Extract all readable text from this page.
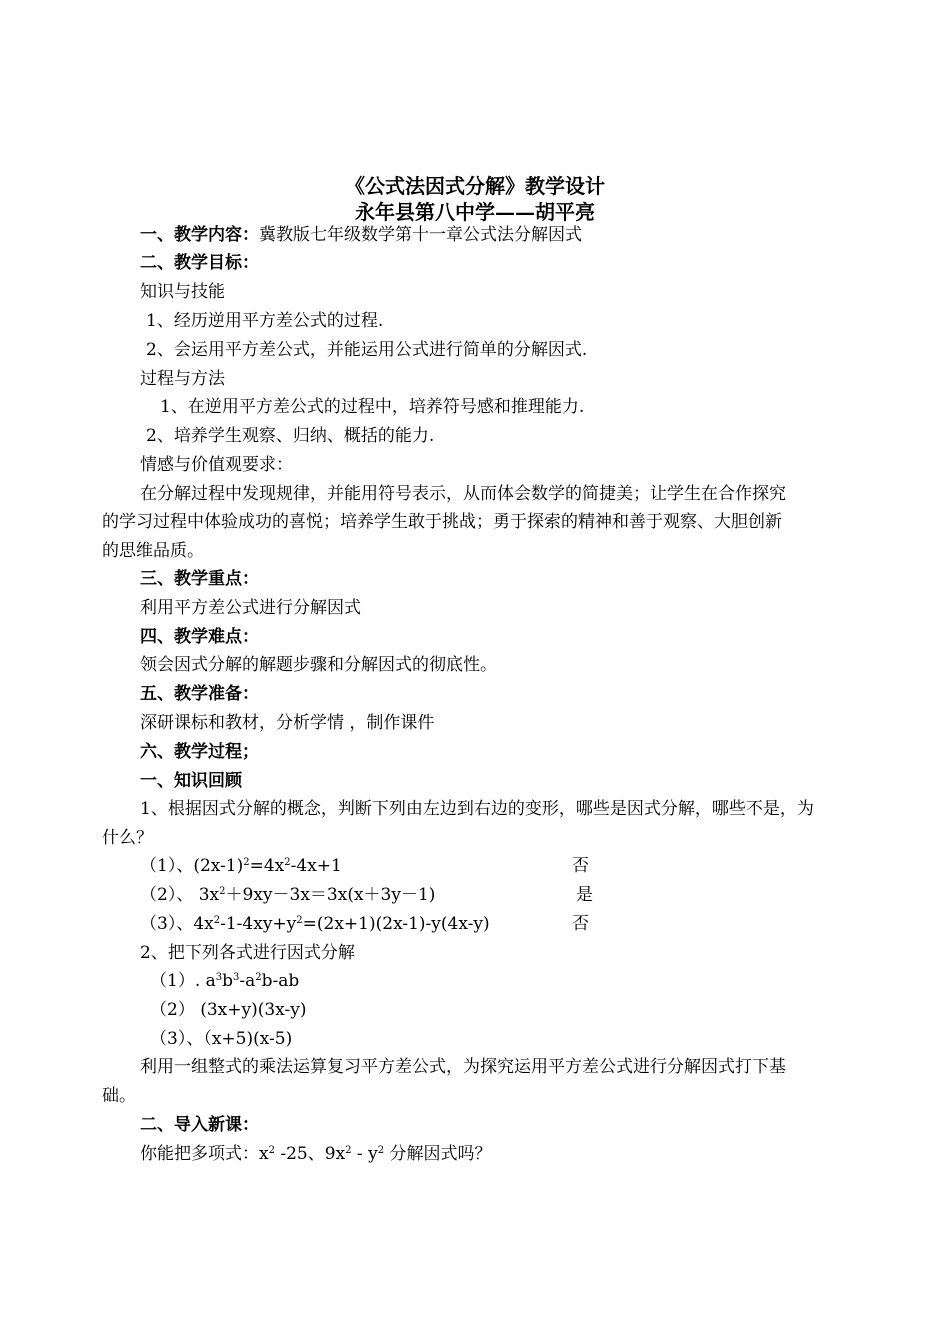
《公式法因式分解》教学设计
永年县第八中学——胡平亮
一、教学内容：冀教版七年级数学第十一章公式法分解因式
二、教学目标：
知识与技能
1、经历逆用平方差公式的过程.
2、会运用平方差公式，并能运用公式进行简单的分解因式.
过程与方法
1、在逆用平方差公式的过程中，培养符号感和推理能力.
2、培养学生观察、归纳、概括的能力.
情感与价值观要求：
在分解过程中发现规律，并能用符号表示，从而体会数学的简捷美；让学生在合作探究
的学习过程中体验成功的喜悦；培养学生敢于挑战；勇于探索的精神和善于观察、大胆创新
的思维品质。
三、教学重点：
利用平方差公式进行分解因式
四、教学难点：
领会因式分解的解题步骤和分解因式的彻底性。
五、教学准备：
深研课标和教材，分析学情 ，制作课件
六、教学过程；
一、知识回顾
1、根据因式分解的概念，判断下列由左边到右边的变形，哪些是因式分解，哪些不是，为
什么？
（1）、$(2x-1)^2=4x^2-4x+1$	否
（2）、 $3x^2+9xy-3x=3x(x+3y-1)$	是
（3）、$4x^2-1-4xy+y^2=(2x+1)(2x-1)-y(4x-y)$	否
2、把下列各式进行因式分解
（1）. $a^3b^3-a^2b-ab$
（2） (3x+y)(3x-y)
（3）、（x+5)(x-5)
利用一组整式的乘法运算复习平方差公式，为探究运用平方差公式进行分解因式打下基
础。
二、导入新课：
你能把多项式：$x^2$ -25、$9x^2 - y^2$ 分解因式吗？
